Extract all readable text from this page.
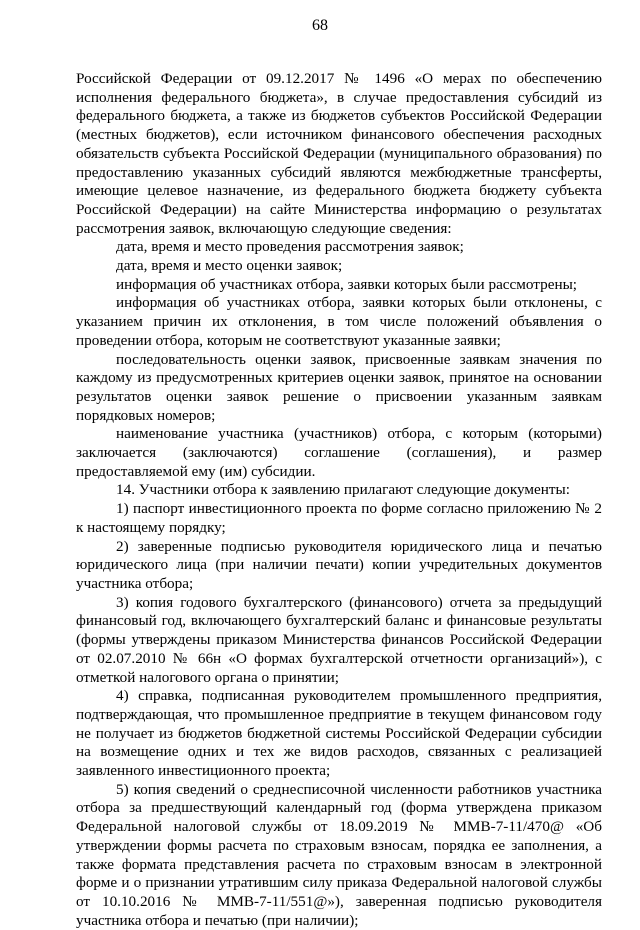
68

Российской Федерации от 09.12.2017 № 1496 «О мерах по обеспечению исполнения федерального бюджета», в случае предоставления субсидий из федерального бюджета, а также из бюджетов субъектов Российской Федерации (местных бюджетов), если источником финансового обеспечения расходных обязательств субъекта Российской Федерации (муниципального образования) по предоставлению указанных субсидий являются межбюджетные трансферты, имеющие целевое назначение, из федерального бюджета бюджету субъекта Российской Федерации) на сайте Министерства информацию о результатах рассмотрения заявок, включающую следующие сведения:

дата, время и место проведения рассмотрения заявок;

дата, время и место оценки заявок;

информация об участниках отбора, заявки которых были рассмотрены;

информация об участниках отбора, заявки которых были отклонены, с указанием причин их отклонения, в том числе положений объявления о проведении отбора, которым не соответствуют указанные заявки;

последовательность оценки заявок, присвоенные заявкам значения по каждому из предусмотренных критериев оценки заявок, принятое на основании результатов оценки заявок решение о присвоении указанным заявкам порядковых номеров;

наименование участника (участников) отбора, с которым (которыми) заключается (заключаются) соглашение (соглашения), и размер предоставляемой ему (им) субсидии.

14. Участники отбора к заявлению прилагают следующие документы:

1) паспорт инвестиционного проекта по форме согласно приложению № 2 к настоящему порядку;

2) заверенные подписью руководителя юридического лица и печатью юридического лица (при наличии печати) копии учредительных документов участника отбора;

3) копия годового бухгалтерского (финансового) отчета за предыдущий финансовый год, включающего бухгалтерский баланс и финансовые результаты (формы утверждены приказом Министерства финансов Российской Федерации от 02.07.2010 № 66н «О формах бухгалтерской отчетности организаций»), с отметкой налогового органа о принятии;

4) справка, подписанная руководителем промышленного предприятия, подтверждающая, что промышленное предприятие в текущем финансовом году не получает из бюджетов бюджетной системы Российской Федерации субсидии на возмещение одних и тех же видов расходов, связанных с реализацией заявленного инвестиционного проекта;

5) копия сведений о среднесписочной численности работников участника отбора за предшествующий календарный год (форма утверждена приказом Федеральной налоговой службы от 18.09.2019 № ММВ-7-11/470@ «Об утверждении формы расчета по страховым взносам, порядка ее заполнения, а также формата представления расчета по страховым взносам в электронной форме и о признании утратившим силу приказа Федеральной налоговой службы от 10.10.2016 № ММВ-7-11/551@»), заверенная подписью руководителя участника отбора и печатью (при наличии);
